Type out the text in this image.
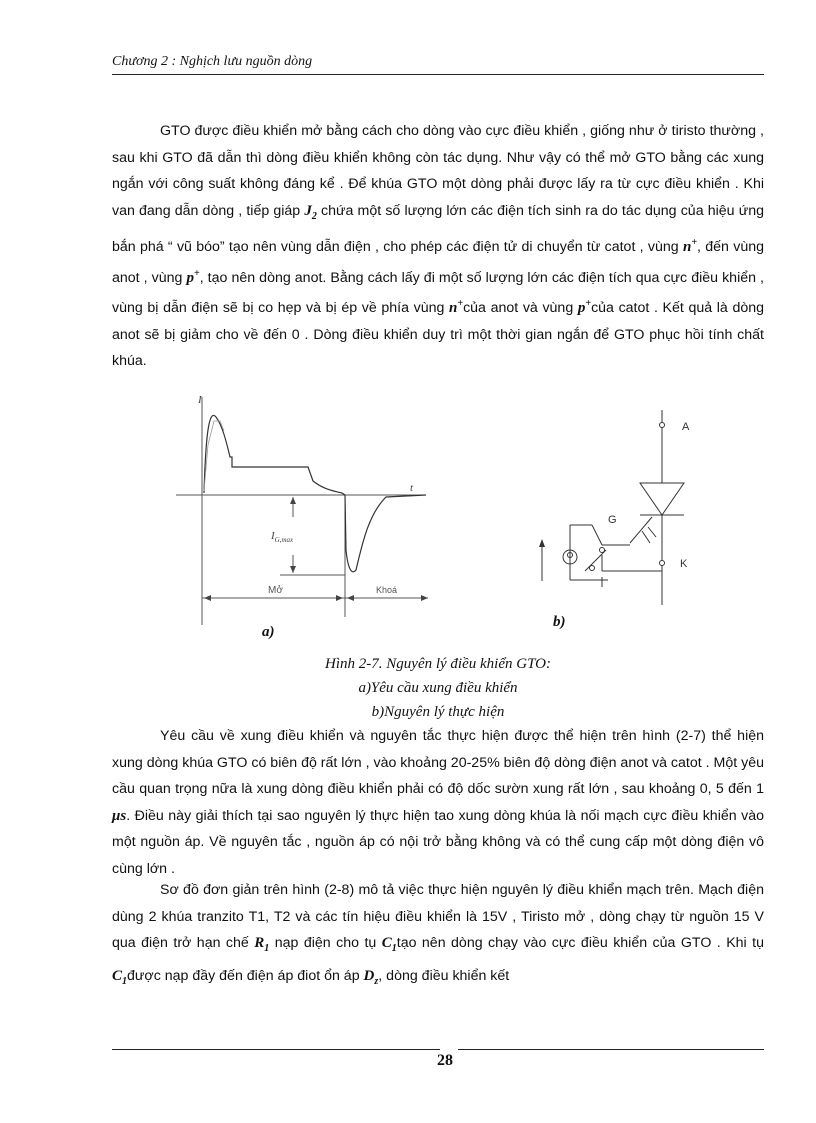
Chương 2 : Nghịch lưu nguồn dòng

GTO được điều khiển mở bằng cách cho dòng vào cực điều khiển , giống như ở tiristo thường , sau khi GTO đã dẫn thì dòng điều khiển không còn tác dụng. Như vậy có thể mở GTO bằng các xung ngắn với công suất không đáng kể . Để khúa GTO một dòng phải được lấy ra từ cực điều khiển . Khi van đang dẫn dòng , tiếp giáp $J_2$ chứa một số lượng lớn các điện tích sinh ra do tác dụng của hiệu ứng bắn phá “ vũ bóo” tạo nên vùng dẫn điện , cho phép các điện tử di chuyển từ catot , vùng n+, đến vùng anot , vùng p+, tạo nên dòng anot. Bằng cách lấy đi một số lượng lớn các điện tích qua cực điều khiển , vùng bị dẫn điện sẽ bị co hẹp và bị ép về phía vùng n+của anot và vùng p+của catot . Kết quả là dòng anot sẽ bị giảm cho về đến 0 . Dòng điều khiển duy trì một thời gian ngắn để GTO phục hồi tính chất khúa.

I
t
$I_{G,max}$
Mở	Khoá
a)
A
G
K
b)
Hình 2-7. Nguyên lý điều khiển GTO:
a)Yêu cầu xung điều khiển
b)Nguyên lý thực hiện

Yêu cầu về xung điều khiển và nguyên tắc thực hiện được thể hiện trên hình (2-7) thể hiện xung dòng khúa GTO có biên độ rất lớn , vào khoảng 20-25% biên độ dòng điện anot và catot . Một yêu cầu quan trọng nữa là xung dòng điều khiển phải có độ dốc sườn xung rất lớn , sau khoảng 0, 5 đến 1 μs. Điều này giải thích tại sao nguyên lý thực hiện tao xung dòng khúa là nối mạch cực điều khiển vào một nguồn áp. Về nguyên tắc , nguồn áp có nội trở bằng không và có thể cung cấp một dòng điện vô cùng lớn .

Sơ đồ đơn giản trên hình (2-8) mô tả việc thực hiện nguyên lý điều khiển mạch trên. Mạch điện dùng 2 khúa tranzito T1, T2 và các tín hiệu điều khiển là 15V , Tiristo mở , dòng chạy từ nguồn 15 V qua điện trở hạn chế $R_1$ nạp điện cho tụ $C_1tạo$ nên dòng chạy vào cực điều khiển của GTO . Khi tụ $C_1được$ nạp đầy đến điện áp điot ổn áp $D_z$, dòng điều khiển kết

28
